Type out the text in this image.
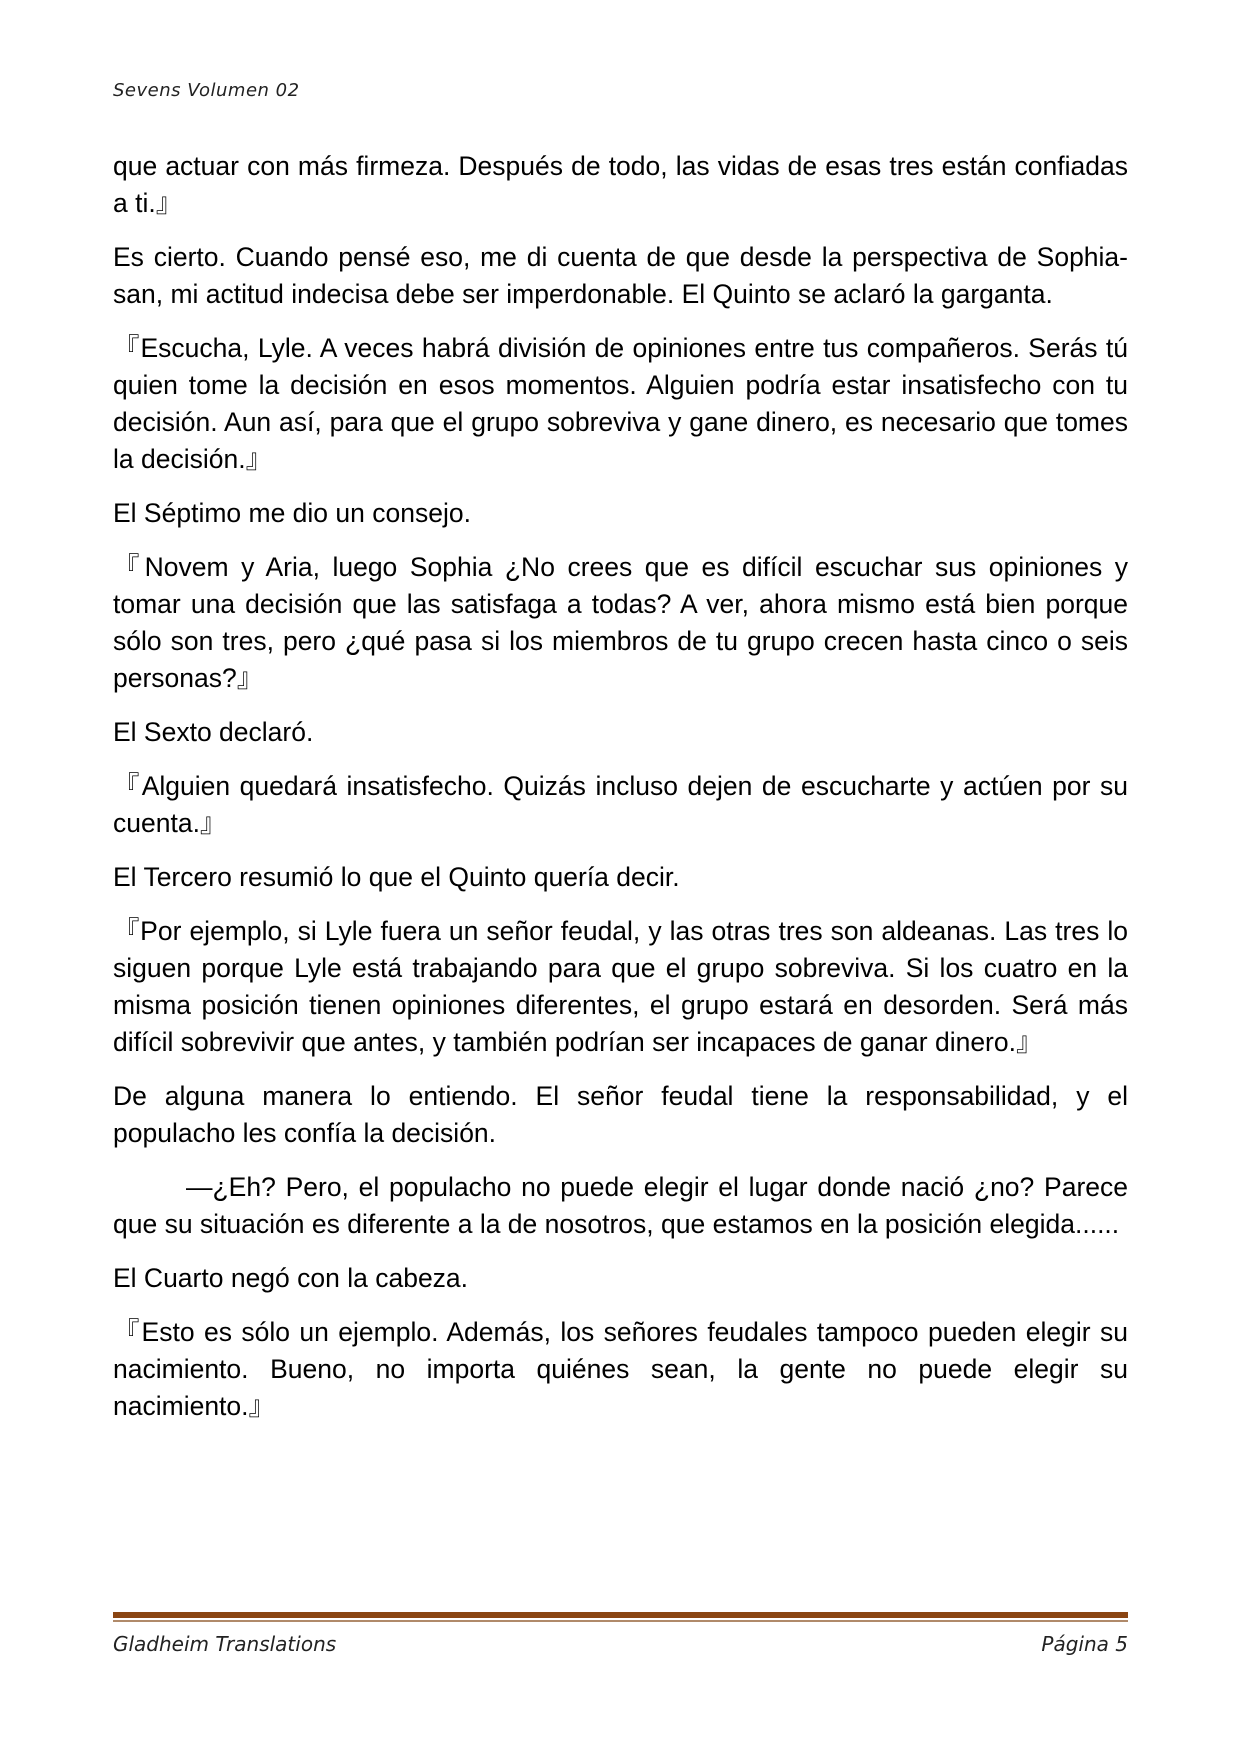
Sevens Volumen 02

que actuar con más firmeza. Después de todo, las vidas de esas tres están confiadas a ti.』

Es cierto. Cuando pensé eso, me di cuenta de que desde la perspectiva de Sophia-san, mi actitud indecisa debe ser imperdonable. El Quinto se aclaró la garganta.

『Escucha, Lyle. A veces habrá división de opiniones entre tus compañeros. Serás tú quien tome la decisión en esos momentos. Alguien podría estar insatisfecho con tu decisión. Aun así, para que el grupo sobreviva y gane dinero, es necesario que tomes la decisión.』

El Séptimo me dio un consejo.

『Novem y Aria, luego Sophia ¿No crees que es difícil escuchar sus opiniones y tomar una decisión que las satisfaga a todas? A ver, ahora mismo está bien porque sólo son tres, pero ¿qué pasa si los miembros de tu grupo crecen hasta cinco o seis personas?』

El Sexto declaró.

『Alguien quedará insatisfecho. Quizás incluso dejen de escucharte y actúen por su cuenta.』

El Tercero resumió lo que el Quinto quería decir.

『Por ejemplo, si Lyle fuera un señor feudal, y las otras tres son aldeanas. Las tres lo siguen porque Lyle está trabajando para que el grupo sobreviva. Si los cuatro en la misma posición tienen opiniones diferentes, el grupo estará en desorden. Será más difícil sobrevivir que antes, y también podrían ser incapaces de ganar dinero.』

De alguna manera lo entiendo. El señor feudal tiene la responsabilidad, y el populacho les confía la decisión.

—¿Eh? Pero, el populacho no puede elegir el lugar donde nació ¿no? Parece que su situación es diferente a la de nosotros, que estamos en la posición elegida......

El Cuarto negó con la cabeza.

『Esto es sólo un ejemplo. Además, los señores feudales tampoco pueden elegir su nacimiento. Bueno, no importa quiénes sean, la gente no puede elegir su nacimiento.』

Gladheim Translations	Página 5
